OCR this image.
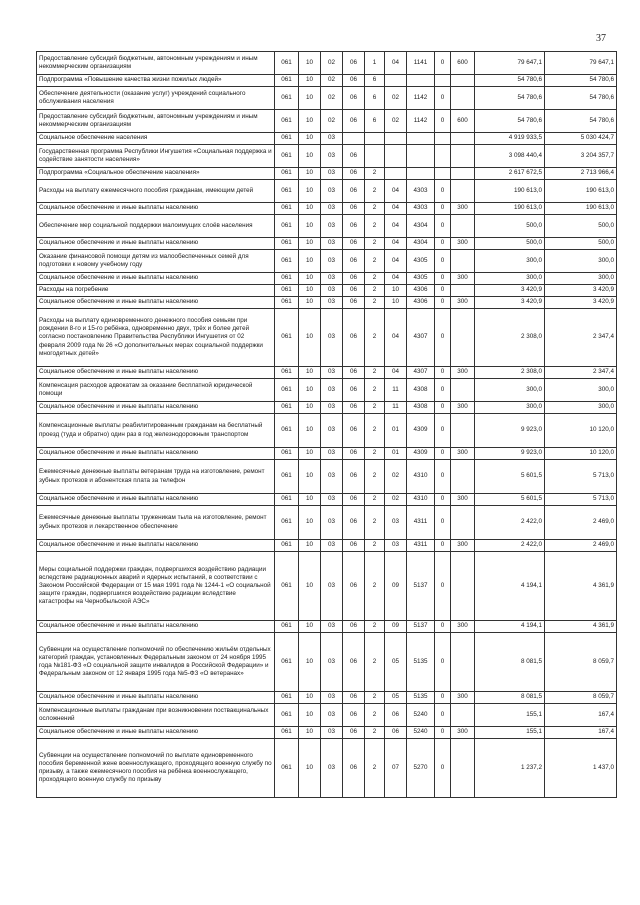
37
Предоставление субсидий бюджетным, автономным учреждениям и иным некоммерческим организациям	061	10	02	06	1	04	1141	0	600	79 647,1	79 647,1
Подпрограмма «Повышение качества жизни пожилых людей»	061	10	02	06	6					54 780,6	54 780,6
Обеспечение деятельности (оказание услуг) учреждений социального обслуживания населения	061	10	02	06	6	02	1142	0		54 780,6	54 780,6
Предоставление субсидий бюджетным, автономным учреждениям и иным некоммерческим организациям	061	10	02	06	6	02	1142	0	600	54 780,6	54 780,6
Социальное обеспечение населения	061	10	03							4 919 933,5	5 030 424,7
Государственная программа Республики Ингушетия «Социальная поддержка и содействие занятости населения»	061	10	03	06						3 098 440,4	3 204 357,7
Подпрограмма «Социальное обеспечение населения»	061	10	03	06	2					2 617 672,5	2 713 966,4
Расходы на выплату ежемесячного пособия гражданам, имеющим детей	061	10	03	06	2	04	4303	0		190 613,0	190 613,0
Социальное обеспечение и иные выплаты населению	061	10	03	06	2	04	4303	0	300	190 613,0	190 613,0
Обеспечение мер социальной поддержки малоимущих слоёв населения	061	10	03	06	2	04	4304	0		500,0	500,0
Социальное обеспечение и иные выплаты населению	061	10	03	06	2	04	4304	0	300	500,0	500,0
Оказание финансовой помощи детям из малообеспеченных семей для подготовки к новому учебному году	061	10	03	06	2	04	4305	0		300,0	300,0
Социальное обеспечение и иные выплаты населению	061	10	03	06	2	04	4305	0	300	300,0	300,0
Расходы на погребение	061	10	03	06	2	10	4306	0		3 420,9	3 420,9
Социальное обеспечение и иные выплаты населению	061	10	03	06	2	10	4306	0	300	3 420,9	3 420,9
Расходы на выплату единовременного денежного пособия семьям при рождении 8-го и 15-го ребёнка, одновременно двух, трёх и более детей согласно постановлению Правительства Республики Ингушетия от 02 февраля 2009 года № 26 «О дополнительных мерах социальной поддержки многодетных детей»	061	10	03	06	2	04	4307	0		2 308,0	2 347,4
Социальное обеспечение и иные выплаты населению	061	10	03	06	2	04	4307	0	300	2 308,0	2 347,4
Компенсация расходов адвокатам за оказание бесплатной юридической помощи	061	10	03	06	2	11	4308	0		300,0	300,0
Социальное обеспечение и иные выплаты населению	061	10	03	06	2	11	4308	0	300	300,0	300,0
Компенсационные выплаты реабилитированным гражданам на бесплатный проезд (туда и обратно) один раз в год железнодорожным транспортом	061	10	03	06	2	01	4309	0		9 923,0	10 120,0
Социальное обеспечение и иные выплаты населению	061	10	03	06	2	01	4309	0	300	9 923,0	10 120,0
Ежемесячные денежные выплаты ветеранам труда на изготовление, ремонт зубных протезов и абонентская плата за телефон	061	10	03	06	2	02	4310	0		5 601,5	5 713,0
Социальное обеспечение и иные выплаты населению	061	10	03	06	2	02	4310	0	300	5 601,5	5 713,0
Ежемесячные денежные выплаты труженикам тыла на изготовление, ремонт зубных протезов и лекарственное обеспечение	061	10	03	06	2	03	4311	0		2 422,0	2 469,0
Социальное обеспечение и иные выплаты населению	061	10	03	06	2	03	4311	0	300	2 422,0	2 469,0
Меры социальной поддержки граждан, подвергшихся воздействию радиации вследствие радиационных аварий и ядерных испытаний, в соответствии с Законом Российской Федерации от 15 мая 1991 года № 1244-1 «О социальной защите граждан, подвергшихся воздействию радиации вследствие катастрофы на Чернобыльской АЭС»	061	10	03	06	2	09	5137	0		4 194,1	4 361,9
Социальное обеспечение и иные выплаты населению	061	10	03	06	2	09	5137	0	300	4 194,1	4 361,9
Субвенции на осуществление полномочий по обеспечению жильём отдельных категорий граждан, установленных Федеральным законом от 24 ноября 1995 года №181-ФЗ «О социальной защите инвалидов в Российской Федерации» и Федеральным законом от 12 января 1995 года №5-ФЗ «О ветеранах»	061	10	03	06	2	05	5135	0		8 081,5	8 059,7
Социальное обеспечение и иные выплаты населению	061	10	03	06	2	05	5135	0	300	8 081,5	8 059,7
Компенсационные выплаты гражданам при возникновении поствакцинальных осложнений	061	10	03	06	2	06	5240	0		155,1	167,4
Социальное обеспечение и иные выплаты населению	061	10	03	06	2	06	5240	0	300	155,1	167,4
Субвенции на осуществление полномочий по выплате единовременного пособия беременной жене военнослужащего, проходящего военную службу по призыву, а также ежемесячного пособия на ребёнка военнослужащего, проходящего военную службу по призыву	061	10	03	06	2	07	5270	0		1 237,2	1 437,0
